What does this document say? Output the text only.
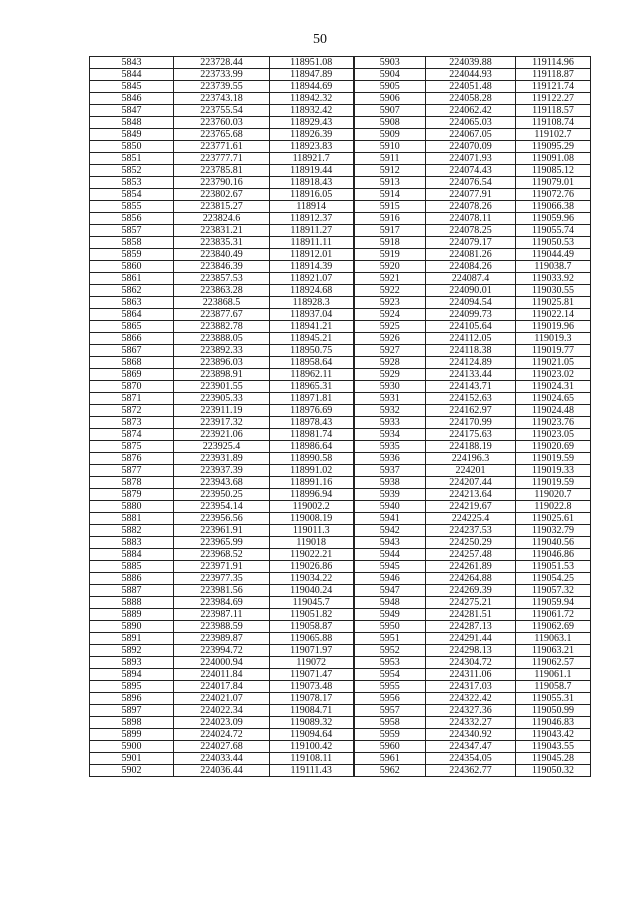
50
5843	223728.44	118951.08	5903	224039.88	119114.96
5844	223733.99	118947.89	5904	224044.93	119118.87
5845	223739.55	118944.69	5905	224051.48	119121.74
5846	223743.18	118942.32	5906	224058.28	119122.27
5847	223755.54	118932.42	5907	224062.42	119118.57
5848	223760.03	118929.43	5908	224065.03	119108.74
5849	223765.68	118926.39	5909	224067.05	119102.7
5850	223771.61	118923.83	5910	224070.09	119095.29
5851	223777.71	118921.7	5911	224071.93	119091.08
5852	223785.81	118919.44	5912	224074.43	119085.12
5853	223790.16	118918.43	5913	224076.54	119079.01
5854	223802.67	118916.05	5914	224077.91	119072.76
5855	223815.27	118914	5915	224078.26	119066.38
5856	223824.6	118912.37	5916	224078.11	119059.96
5857	223831.21	118911.27	5917	224078.25	119055.74
5858	223835.31	118911.11	5918	224079.17	119050.53
5859	223840.49	118912.01	5919	224081.26	119044.49
5860	223846.39	118914.39	5920	224084.26	119038.7
5861	223857.53	118921.07	5921	224087.4	119033.92
5862	223863.28	118924.68	5922	224090.01	119030.55
5863	223868.5	118928.3	5923	224094.54	119025.81
5864	223877.67	118937.04	5924	224099.73	119022.14
5865	223882.78	118941.21	5925	224105.64	119019.96
5866	223888.05	118945.21	5926	224112.05	119019.3
5867	223892.33	118950.75	5927	224118.38	119019.77
5868	223896.03	118958.64	5928	224124.89	119021.05
5869	223898.91	118962.11	5929	224133.44	119023.02
5870	223901.55	118965.31	5930	224143.71	119024.31
5871	223905.33	118971.81	5931	224152.63	119024.65
5872	223911.19	118976.69	5932	224162.97	119024.48
5873	223917.32	118978.43	5933	224170.99	119023.76
5874	223921.06	118981.74	5934	224175.63	119023.05
5875	223925.4	118986.64	5935	224188.19	119020.69
5876	223931.89	118990.58	5936	224196.3	119019.59
5877	223937.39	118991.02	5937	224201	119019.33
5878	223943.68	118991.16	5938	224207.44	119019.59
5879	223950.25	118996.94	5939	224213.64	119020.7
5880	223954.14	119002.2	5940	224219.67	119022.8
5881	223956.56	119008.19	5941	224225.4	119025.61
5882	223961.91	119011.3	5942	224237.53	119032.79
5883	223965.99	119018	5943	224250.29	119040.56
5884	223968.52	119022.21	5944	224257.48	119046.86
5885	223971.91	119026.86	5945	224261.89	119051.53
5886	223977.35	119034.22	5946	224264.88	119054.25
5887	223981.56	119040.24	5947	224269.39	119057.32
5888	223984.69	119045.7	5948	224275.21	119059.94
5889	223987.11	119051.82	5949	224281.51	119061.72
5890	223988.59	119058.87	5950	224287.13	119062.69
5891	223989.87	119065.88	5951	224291.44	119063.1
5892	223994.72	119071.97	5952	224298.13	119063.21
5893	224000.94	119072	5953	224304.72	119062.57
5894	224011.84	119071.47	5954	224311.06	119061.1
5895	224017.84	119073.48	5955	224317.03	119058.7
5896	224021.07	119078.17	5956	224322.42	119055.31
5897	224022.34	119084.71	5957	224327.36	119050.99
5898	224023.09	119089.32	5958	224332.27	119046.83
5899	224024.72	119094.64	5959	224340.92	119043.42
5900	224027.68	119100.42	5960	224347.47	119043.55
5901	224033.44	119108.11	5961	224354.05	119045.28
5902	224036.44	119111.43	5962	224362.77	119050.32
